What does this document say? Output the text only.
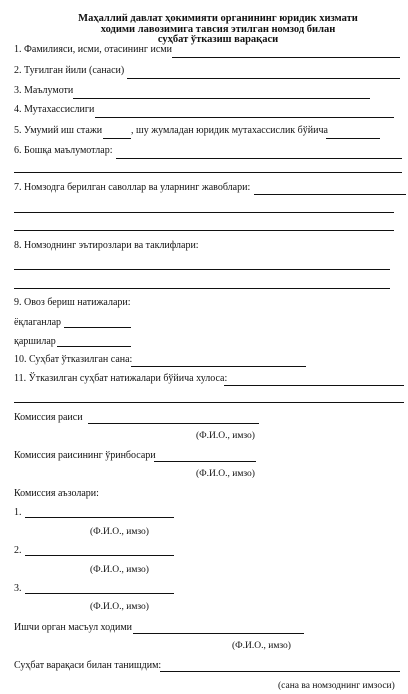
Маҳаллий давлат ҳокимияти органининг юридик хизмати
ходими лавозимига тавсия этилган номзод билан
суҳбат ўтказиш варақаси
1. Фамилияси, исми, отасининг исми
2. Туғилган йили (санаси)
3. Маълумоти
4. Мутахассислиги
5. Умумий иш стажи	, шу жумладан юридик мутахассислик бўйича
6. Бошқа маълумотлар:
7. Номзодга берилган саволлар ва уларнинг жавоблари:
8. Номзоднинг эътирозлари ва таклифлари:
9. Овоз бериш натижалари:
ёқлаганлар
қаршилар
10. Суҳбат ўтказилган сана:
11. Ўтказилган суҳбат натижалари бўйича хулоса:
Комиссия раиси
(Ф.И.О., имзо)
Комиссия раисининг ўринбосари
(Ф.И.О., имзо)
Комиссия аъзолари:
1.
(Ф.И.О., имзо)
2.
(Ф.И.О., имзо)
3.
(Ф.И.О., имзо)
Ишчи орган масъул ходими
(Ф.И.О., имзо)
Суҳбат варақаси билан танишдим:
(сана ва номзоднинг имзоси)
